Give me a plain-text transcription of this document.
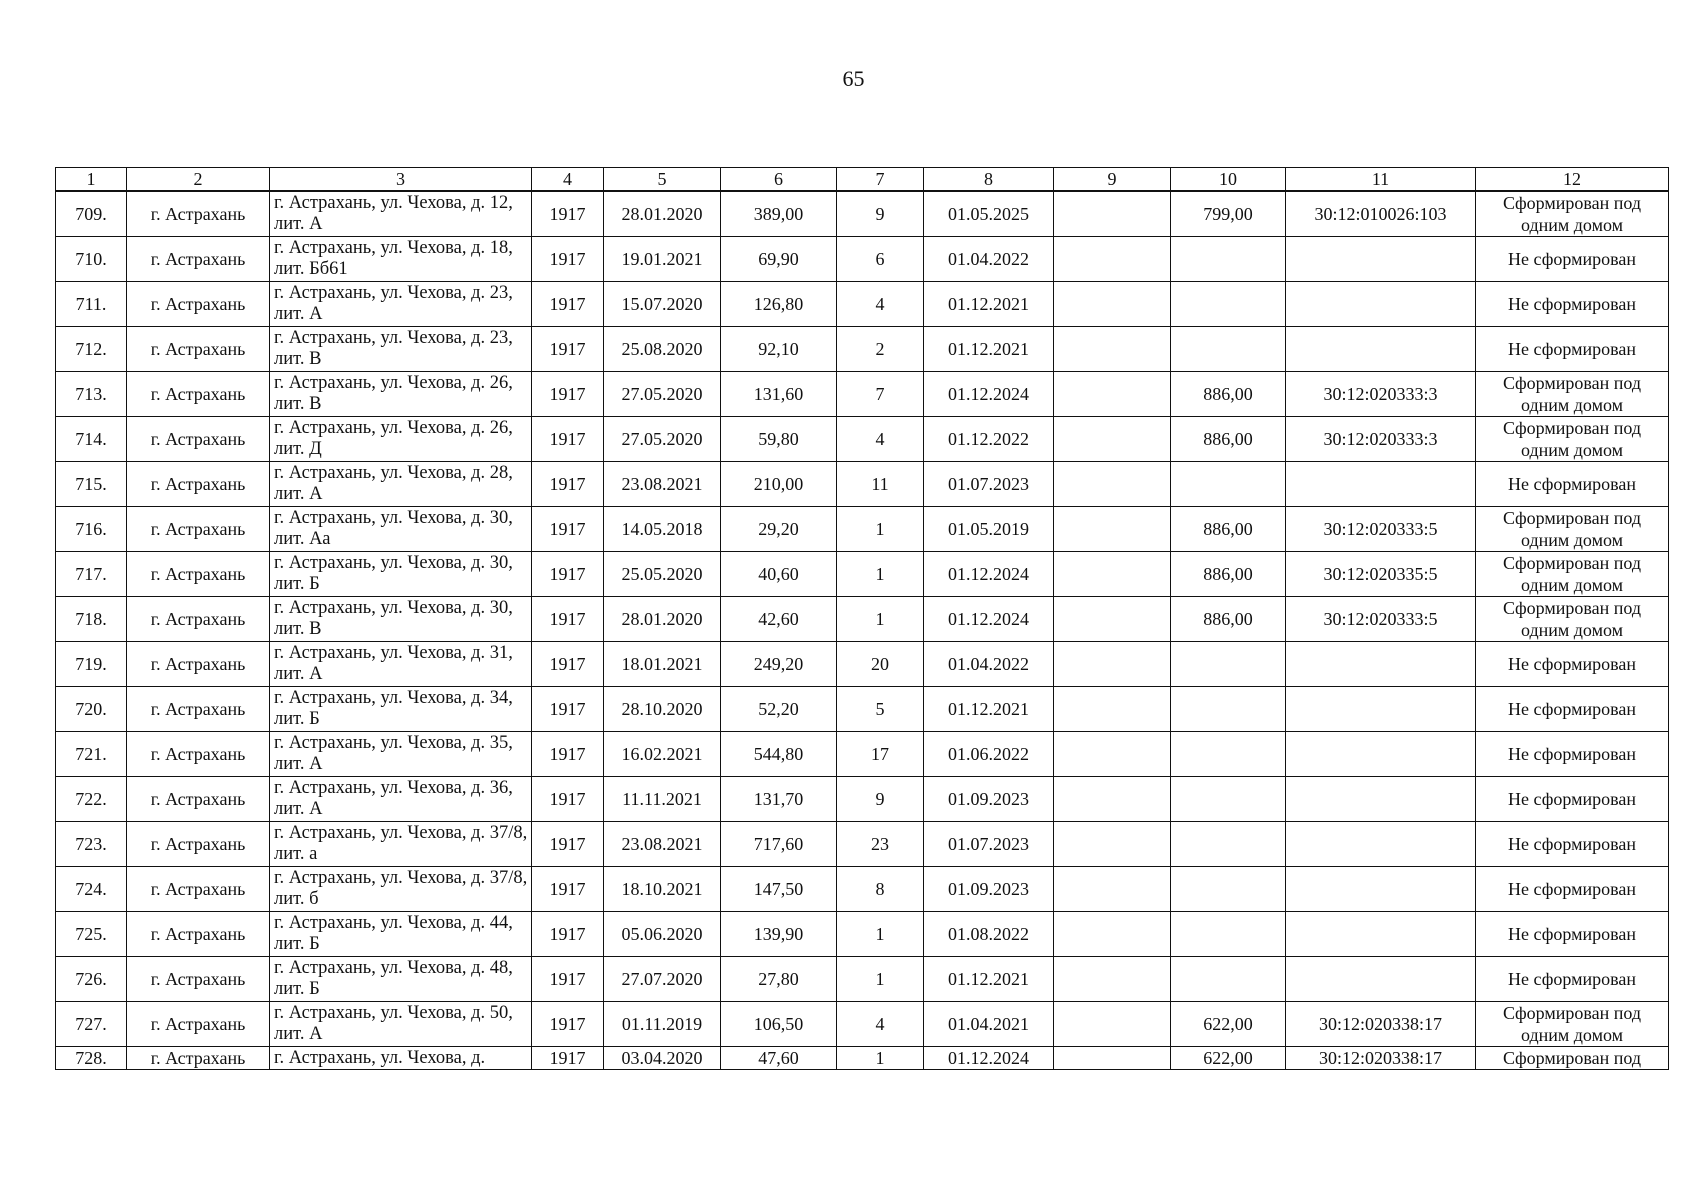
65
1	2	3	4	5	6	7	8	9	10	11	12
709.	г. Астрахань	г. Астрахань, ул. Чехова, д. 12, лит. А	1917	28.01.2020	389,00	9	01.05.2025		799,00	30:12:010026:103	Сформирован под одним домом
710.	г. Астрахань	г. Астрахань, ул. Чехова, д. 18, лит. Бб61	1917	19.01.2021	69,90	6	01.04.2022				Не сформирован
711.	г. Астрахань	г. Астрахань, ул. Чехова, д. 23, лит. А	1917	15.07.2020	126,80	4	01.12.2021				Не сформирован
712.	г. Астрахань	г. Астрахань, ул. Чехова, д. 23, лит. В	1917	25.08.2020	92,10	2	01.12.2021				Не сформирован
713.	г. Астрахань	г. Астрахань, ул. Чехова, д. 26, лит. В	1917	27.05.2020	131,60	7	01.12.2024		886,00	30:12:020333:3	Сформирован под одним домом
714.	г. Астрахань	г. Астрахань, ул. Чехова, д. 26, лит. Д	1917	27.05.2020	59,80	4	01.12.2022		886,00	30:12:020333:3	Сформирован под одним домом
715.	г. Астрахань	г. Астрахань, ул. Чехова, д. 28, лит. А	1917	23.08.2021	210,00	11	01.07.2023				Не сформирован
716.	г. Астрахань	г. Астрахань, ул. Чехова, д. 30, лит. Аа	1917	14.05.2018	29,20	1	01.05.2019		886,00	30:12:020333:5	Сформирован под одним домом
717.	г. Астрахань	г. Астрахань, ул. Чехова, д. 30, лит. Б	1917	25.05.2020	40,60	1	01.12.2024		886,00	30:12:020335:5	Сформирован под одним домом
718.	г. Астрахань	г. Астрахань, ул. Чехова, д. 30, лит. В	1917	28.01.2020	42,60	1	01.12.2024		886,00	30:12:020333:5	Сформирован под одним домом
719.	г. Астрахань	г. Астрахань, ул. Чехова, д. 31, лит. А	1917	18.01.2021	249,20	20	01.04.2022				Не сформирован
720.	г. Астрахань	г. Астрахань, ул. Чехова, д. 34, лит. Б	1917	28.10.2020	52,20	5	01.12.2021				Не сформирован
721.	г. Астрахань	г. Астрахань, ул. Чехова, д. 35, лит. А	1917	16.02.2021	544,80	17	01.06.2022				Не сформирован
722.	г. Астрахань	г. Астрахань, ул. Чехова, д. 36, лит. А	1917	11.11.2021	131,70	9	01.09.2023				Не сформирован
723.	г. Астрахань	г. Астрахань, ул. Чехова, д. 37/8, лит. а	1917	23.08.2021	717,60	23	01.07.2023				Не сформирован
724.	г. Астрахань	г. Астрахань, ул. Чехова, д. 37/8, лит. б	1917	18.10.2021	147,50	8	01.09.2023				Не сформирован
725.	г. Астрахань	г. Астрахань, ул. Чехова, д. 44, лит. Б	1917	05.06.2020	139,90	1	01.08.2022				Не сформирован
726.	г. Астрахань	г. Астрахань, ул. Чехова, д. 48, лит. Б	1917	27.07.2020	27,80	1	01.12.2021				Не сформирован
727.	г. Астрахань	г. Астрахань, ул. Чехова, д. 50, лит. А	1917	01.11.2019	106,50	4	01.04.2021		622,00	30:12:020338:17	Сформирован под одним домом
728.	г. Астрахань	г. Астрахань, ул. Чехова, д.	1917	03.04.2020	47,60	1	01.12.2024		622,00	30:12:020338:17	Сформирован под
